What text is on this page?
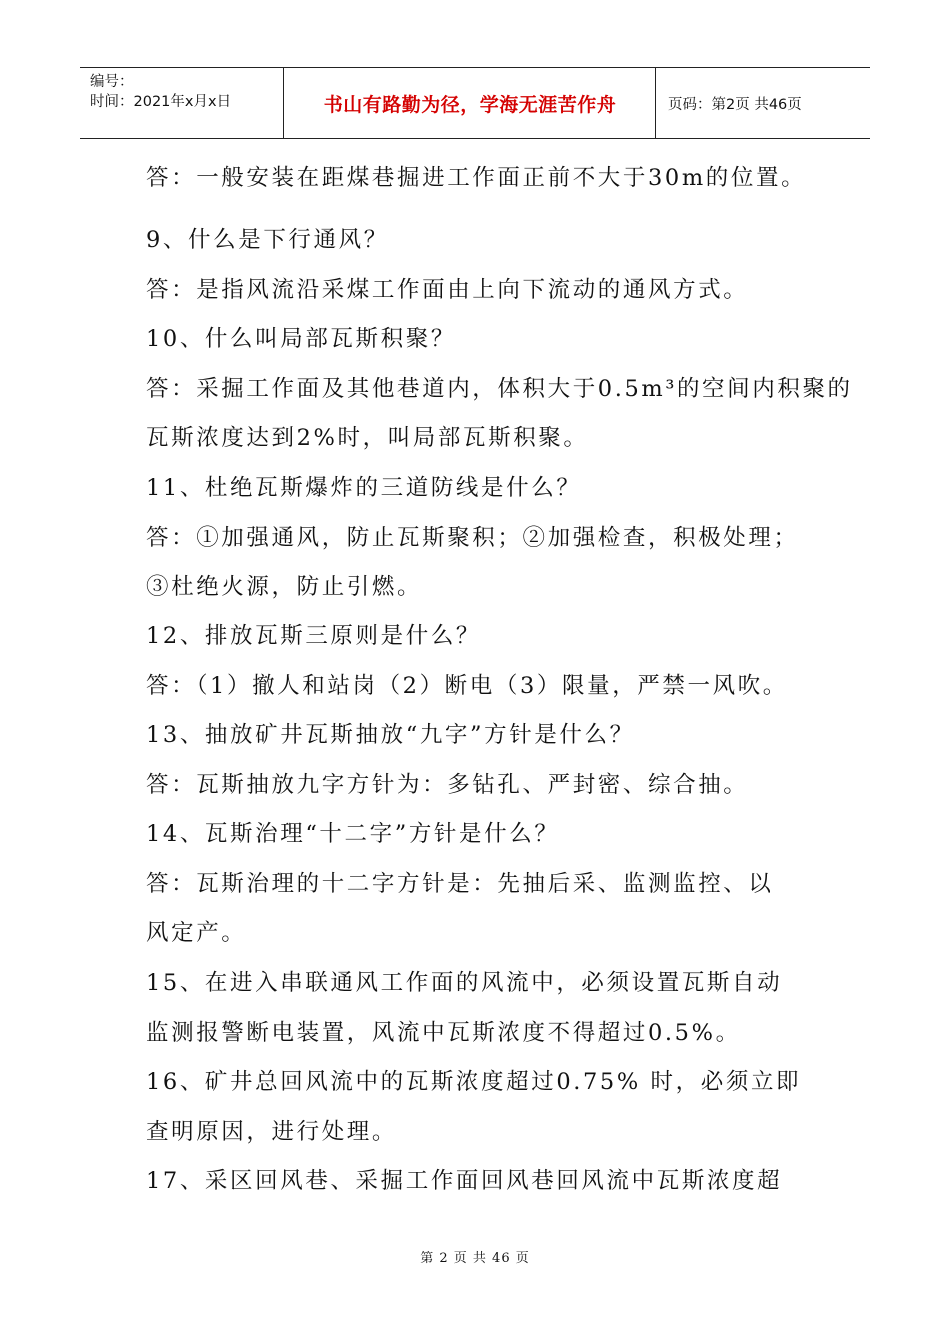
编号：
时间：2021年x月x日	书山有路勤为径，学海无涯苦作舟	页码：第2页 共46页
答：一般安装在距煤巷掘进工作面正前不大于30m的位置。
9、什么是下行通风？
答：是指风流沿采煤工作面由上向下流动的通风方式。
10、什么叫局部瓦斯积聚？
答：采掘工作面及其他巷道内，体积大于0.5m³的空间内积聚的
瓦斯浓度达到2%时，叫局部瓦斯积聚。
11、杜绝瓦斯爆炸的三道防线是什么？
答：①加强通风，防止瓦斯聚积；②加强检查，积极处理；
③杜绝火源，防止引燃。
12、排放瓦斯三原则是什么？
答：（1）撤人和站岗（2）断电（3）限量，严禁一风吹。
13、抽放矿井瓦斯抽放“九字”方针是什么？
答：瓦斯抽放九字方针为：多钻孔、严封密、综合抽。
14、瓦斯治理“十二字”方针是什么？
答：瓦斯治理的十二字方针是：先抽后采、监测监控、以
风定产。
15、在进入串联通风工作面的风流中，必须设置瓦斯自动
监测报警断电装置，风流中瓦斯浓度不得超过0.5%。
16、矿井总回风流中的瓦斯浓度超过0.75% 时，必须立即
查明原因，进行处理。
17、采区回风巷、采掘工作面回风巷回风流中瓦斯浓度超
第 2 页 共 46 页
